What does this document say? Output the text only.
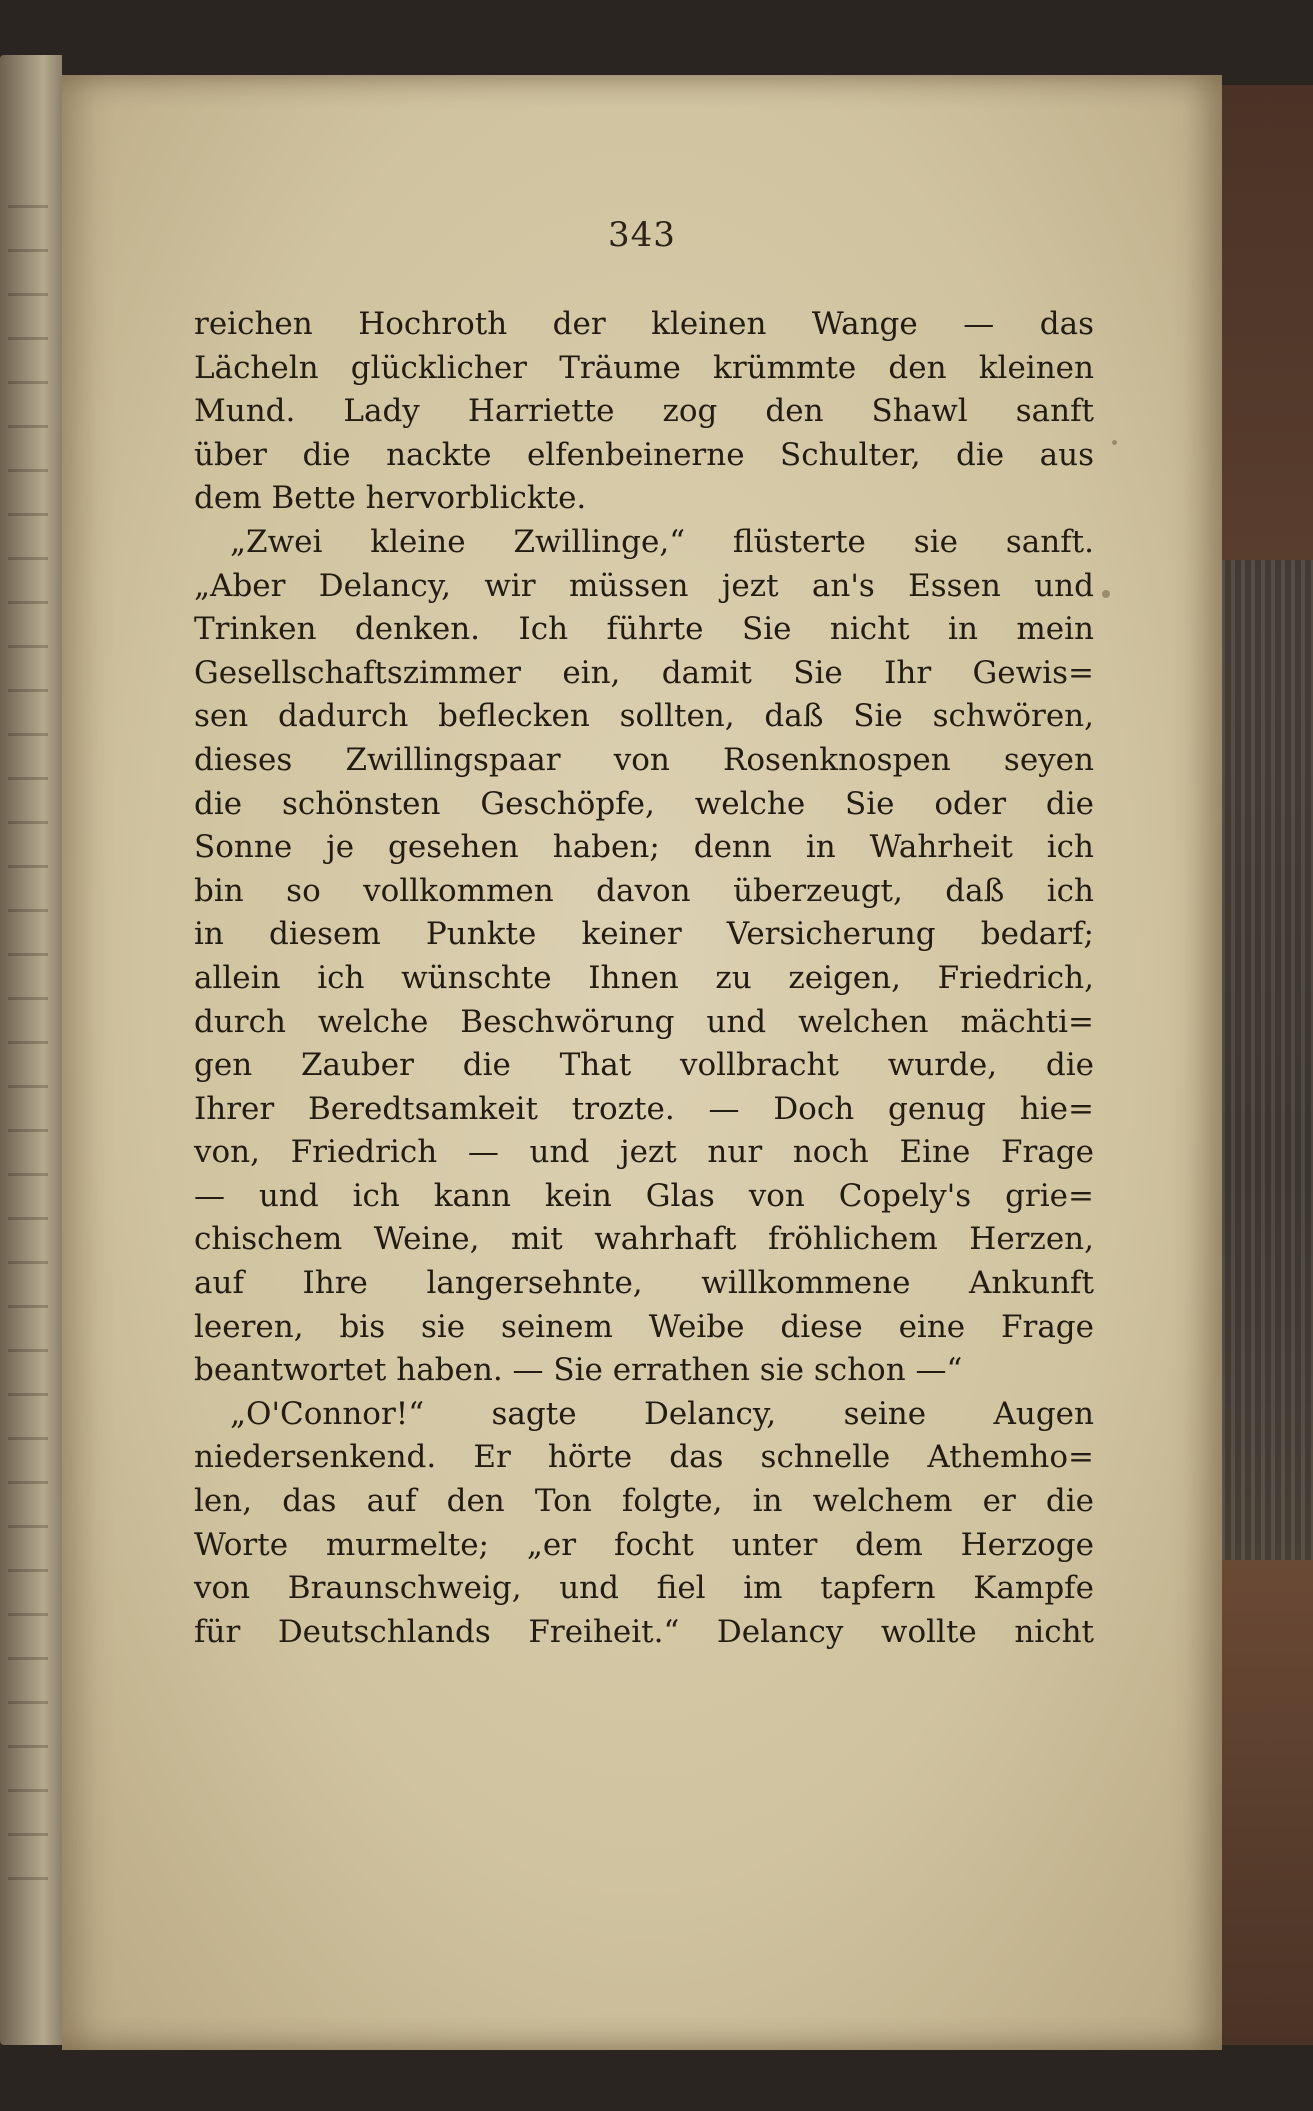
343
reichen Hochroth der kleinen Wange — das
Lächeln glücklicher Träume krümmte den kleinen
Mund. Lady Harriette zog den Shawl sanft
über die nackte elfenbeinerne Schulter, die aus
dem Bette hervorblickte.
„Zwei kleine Zwillinge,“ flüsterte sie sanft.
„Aber Delancy, wir müssen jezt an's Essen und
Trinken denken. Ich führte Sie nicht in mein
Gesellschaftszimmer ein, damit Sie Ihr Gewis=
sen dadurch beflecken sollten, daß Sie schwören,
dieses Zwillingspaar von Rosenknospen seyen
die schönsten Geschöpfe, welche Sie oder die
Sonne je gesehen haben; denn in Wahrheit ich
bin so vollkommen davon überzeugt, daß ich
in diesem Punkte keiner Versicherung bedarf;
allein ich wünschte Ihnen zu zeigen, Friedrich,
durch welche Beschwörung und welchen mächti=
gen Zauber die That vollbracht wurde, die
Ihrer Beredtsamkeit trozte. — Doch genug hie=
von, Friedrich — und jezt nur noch Eine Frage
— und ich kann kein Glas von Copely's grie=
chischem Weine, mit wahrhaft fröhlichem Herzen,
auf Ihre langersehnte, willkommene Ankunft
leeren, bis sie seinem Weibe diese eine Frage
beantwortet haben. — Sie errathen sie schon —“
„O'Connor!“ sagte Delancy, seine Augen
niedersenkend. Er hörte das schnelle Athemho=
len, das auf den Ton folgte, in welchem er die
Worte murmelte; „er focht unter dem Herzoge
von Braunschweig, und fiel im tapfern Kampfe
für Deutschlands Freiheit.“ Delancy wollte nicht
